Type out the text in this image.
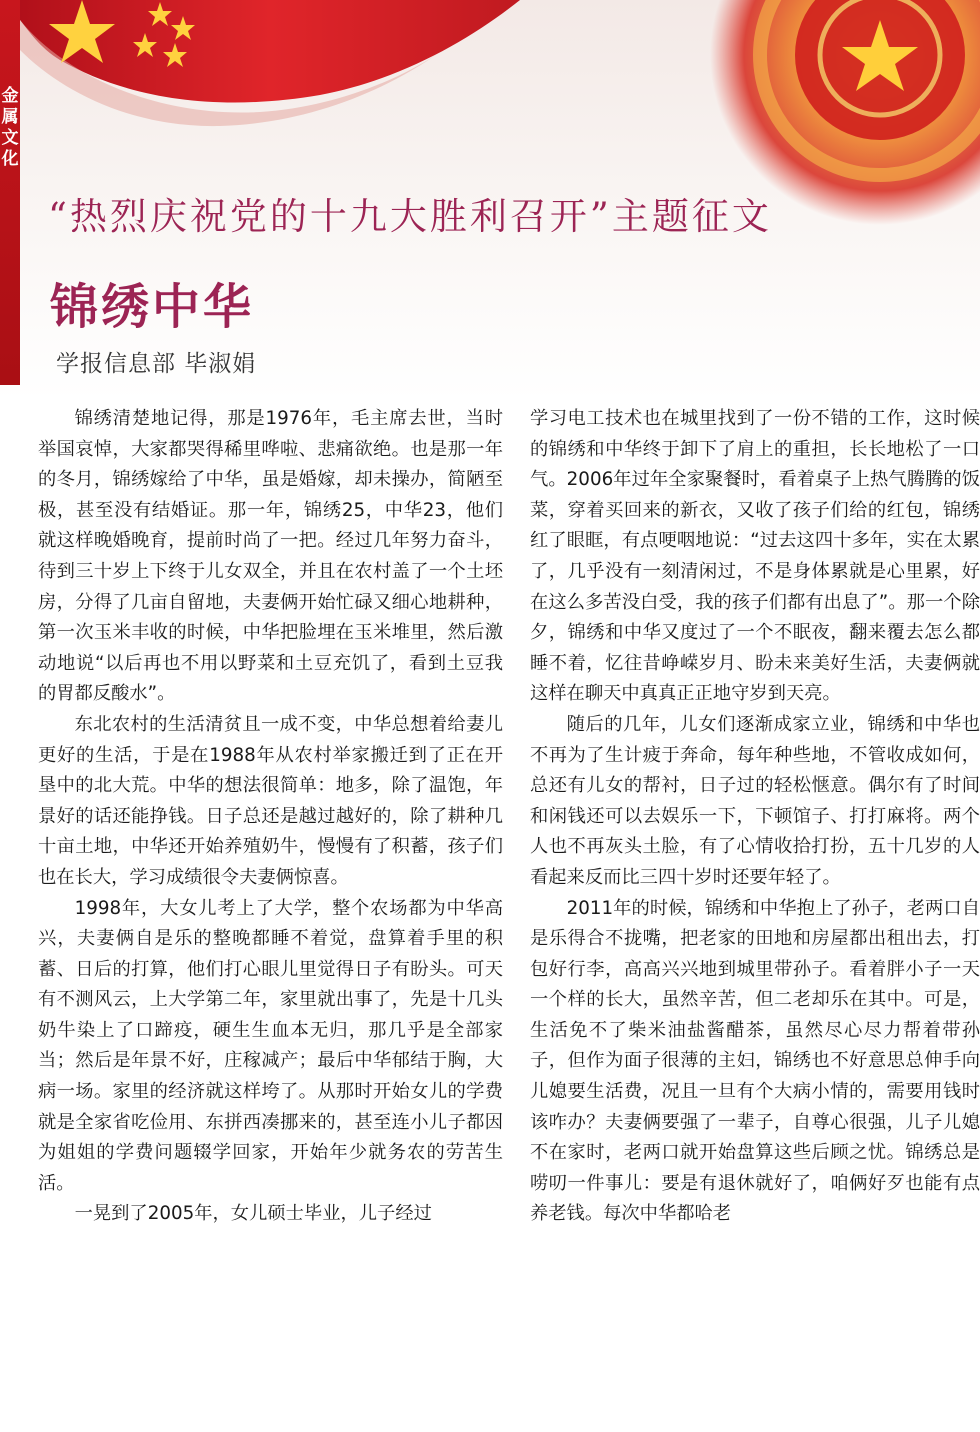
金属文化
“热烈庆祝党的十九大胜利召开”主题征文
锦绣中华
学报信息部 毕淑娟

锦绣清楚地记得，那是1976年，毛主席去世，当时举国哀悼，大家都哭得稀里哗啦、悲痛欲绝。也是那一年的冬月，锦绣嫁给了中华，虽是婚嫁，却未操办，简陋至极，甚至没有结婚证。那一年，锦绣25，中华23，他们就这样晚婚晚育，提前时尚了一把。经过几年努力奋斗，待到三十岁上下终于儿女双全，并且在农村盖了一个土坯房，分得了几亩自留地，夫妻俩开始忙碌又细心地耕种，第一次玉米丰收的时候，中华把脸埋在玉米堆里，然后激动地说“以后再也不用以野菜和土豆充饥了，看到土豆我的胃都反酸水”。

东北农村的生活清贫且一成不变，中华总想着给妻儿更好的生活，于是在1988年从农村举家搬迁到了正在开垦中的北大荒。中华的想法很简单：地多，除了温饱，年景好的话还能挣钱。日子总还是越过越好的，除了耕种几十亩土地，中华还开始养殖奶牛，慢慢有了积蓄，孩子们也在长大，学习成绩很令夫妻俩惊喜。

1998年，大女儿考上了大学，整个农场都为中华高兴，夫妻俩自是乐的整晚都睡不着觉，盘算着手里的积蓄、日后的打算，他们打心眼儿里觉得日子有盼头。可天有不测风云，上大学第二年，家里就出事了，先是十几头奶牛染上了口蹄疫，硬生生血本无归，那几乎是全部家当；然后是年景不好，庄稼减产；最后中华郁结于胸，大病一场。家里的经济就这样垮了。从那时开始女儿的学费就是全家省吃俭用、东拼西凑挪来的，甚至连小儿子都因为姐姐的学费问题辍学回家，开始年少就务农的劳苦生活。

一晃到了2005年，女儿硕士毕业，儿子经过

学习电工技术也在城里找到了一份不错的工作，这时候的锦绣和中华终于卸下了肩上的重担，长长地松了一口气。2006年过年全家聚餐时，看着桌子上热气腾腾的饭菜，穿着买回来的新衣，又收了孩子们给的红包，锦绣红了眼眶，有点哽咽地说：“过去这四十多年，实在太累了，几乎没有一刻清闲过，不是身体累就是心里累，好在这么多苦没白受，我的孩子们都有出息了”。那一个除夕，锦绣和中华又度过了一个不眠夜，翻来覆去怎么都睡不着，忆往昔峥嵘岁月、盼未来美好生活，夫妻俩就这样在聊天中真真正正地守岁到天亮。

随后的几年，儿女们逐渐成家立业，锦绣和中华也不再为了生计疲于奔命，每年种些地，不管收成如何，总还有儿女的帮衬，日子过的轻松惬意。偶尔有了时间和闲钱还可以去娱乐一下，下顿馆子、打打麻将。两个人也不再灰头土脸，有了心情收拾打扮，五十几岁的人看起来反而比三四十岁时还要年轻了。

2011年的时候，锦绣和中华抱上了孙子，老两口自是乐得合不拢嘴，把老家的田地和房屋都出租出去，打包好行李，高高兴兴地到城里带孙子。看着胖小子一天一个样的长大，虽然辛苦，但二老却乐在其中。可是，生活免不了柴米油盐酱醋茶，虽然尽心尽力帮着带孙子，但作为面子很薄的主妇，锦绣也不好意思总伸手向儿媳要生活费，况且一旦有个大病小情的，需要用钱时该咋办？夫妻俩要强了一辈子，自尊心很强，儿子儿媳不在家时，老两口就开始盘算这些后顾之忧。锦绣总是唠叨一件事儿：要是有退休就好了，咱俩好歹也能有点养老钱。每次中华都哈老
